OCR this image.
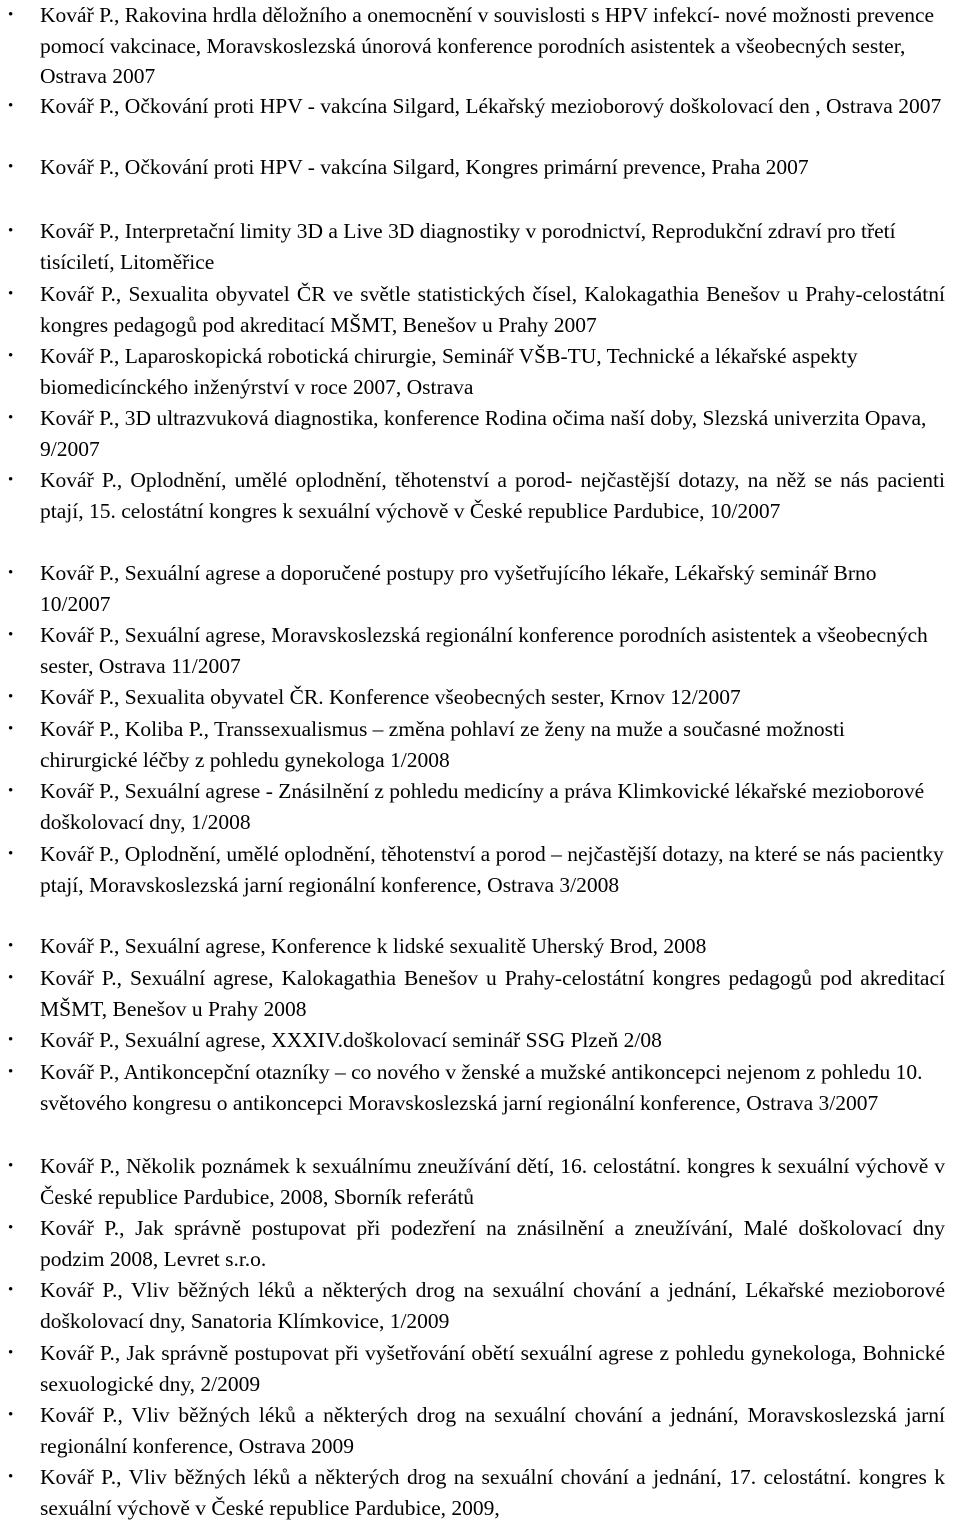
•	Kovář P., Rakovina hrdla děložního a onemocnění v souvislosti s HPV infekcí- nové možnosti prevence pomocí vakcinace, Moravskoslezská únorová konference porodních asistentek a všeobecných sester, Ostrava 2007
•	Kovář P., Očkování proti HPV - vakcína Silgard, Lékařský mezioborový doškolovací den , Ostrava 2007
•	Kovář P., Očkování proti HPV - vakcína Silgard, Kongres primární prevence, Praha 2007
•	Kovář P., Interpretační limity 3D a Live 3D diagnostiky v porodnictví, Reprodukční zdraví pro třetí tisíciletí, Litoměřice
•	Kovář P., Sexualita obyvatel ČR ve světle statistických čísel, Kalokagathia Benešov u Prahy-celostátní kongres pedagogů pod akreditací MŠMT, Benešov u Prahy 2007
•	Kovář P., Laparoskopická robotická chirurgie, Seminář VŠB-TU, Technické a lékařské aspekty biomedicínckého inženýrství v roce 2007, Ostrava
•	Kovář P., 3D ultrazvuková diagnostika, konference Rodina očima naší doby, Slezská univerzita Opava, 9/2007
•	Kovář P., Oplodnění, umělé oplodnění, těhotenství a porod- nejčastější dotazy, na něž se nás pacienti ptají, 15. celostátní kongres k sexuální výchově v České republice Pardubice, 10/2007
•	Kovář P., Sexuální agrese a doporučené postupy pro vyšetřujícího lékaře, Lékařský seminář Brno 10/2007
•	Kovář P., Sexuální agrese, Moravskoslezská regionální konference porodních asistentek a všeobecných sester, Ostrava 11/2007
•	Kovář P., Sexualita obyvatel ČR. Konference všeobecných sester, Krnov 12/2007
•	Kovář P., Koliba P., Transsexualismus – změna pohlaví ze ženy na muže a současné možnosti chirurgické léčby z pohledu gynekologa 1/2008
•	Kovář P., Sexuální agrese - Znásilnění z pohledu medicíny a práva Klimkovické lékařské mezioborové doškolovací dny, 1/2008
•	Kovář P., Oplodnění, umělé oplodnění, těhotenství a porod – nejčastější dotazy, na které se nás pacientky ptají, Moravskoslezská jarní regionální konference, Ostrava 3/2008
•	Kovář P., Sexuální agrese, Konference k lidské sexualitě Uherský Brod, 2008
•	Kovář P., Sexuální agrese, Kalokagathia Benešov u Prahy-celostátní kongres pedagogů pod akreditací MŠMT, Benešov u Prahy 2008
•	Kovář P., Sexuální agrese, XXXIV.doškolovací seminář SSG Plzeň 2/08
•	Kovář P., Antikoncepční otazníky – co nového v ženské a mužské antikoncepci nejenom z pohledu 10. světového kongresu o antikoncepci Moravskoslezská jarní regionální konference, Ostrava 3/2007
•	Kovář P., Několik poznámek k sexuálnímu zneužívání dětí, 16. celostátní. kongres k sexuální výchově v České republice Pardubice, 2008, Sborník referátů
•	Kovář P., Jak správně postupovat při podezření na znásilnění a zneužívání, Malé doškolovací dny podzim 2008, Levret s.r.o.
•	Kovář P., Vliv běžných léků a některých drog na sexuální chování a jednání, Lékařské mezioborové doškolovací dny, Sanatoria Klímkovice, 1/2009
•	Kovář P., Jak správně postupovat při vyšetřování obětí sexuální agrese z pohledu gynekologa, Bohnické sexuologické dny, 2/2009
•	Kovář P., Vliv běžných léků a některých drog na sexuální chování a jednání, Moravskoslezská jarní regionální konference, Ostrava 2009
•	Kovář P., Vliv běžných léků a některých drog na sexuální chování a jednání, 17. celostátní. kongres k sexuální výchově v České republice Pardubice, 2009,
